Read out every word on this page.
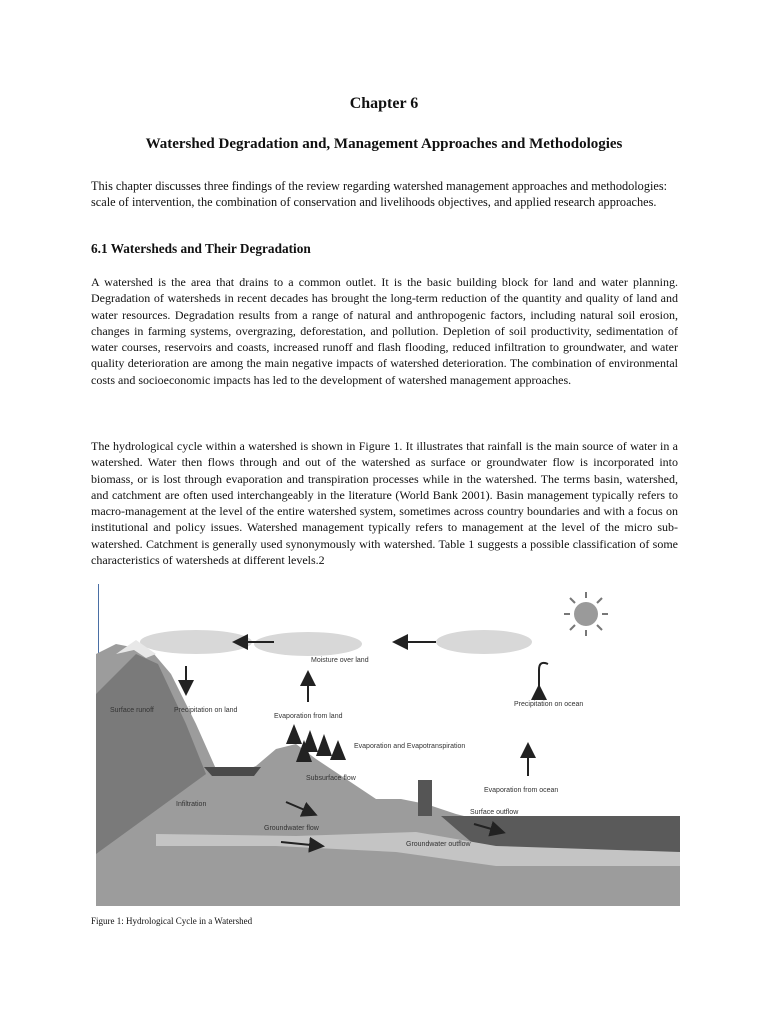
Chapter 6
Watershed Degradation and, Management Approaches and Methodologies

This chapter discusses three findings of the review regarding watershed management approaches and methodologies: scale of intervention, the combination of conservation and livelihoods objectives, and applied research approaches.

6.1 Watersheds and Their Degradation

A watershed is the area that drains to a common outlet. It is the basic building block for land and water planning. Degradation of watersheds in recent decades has brought the long-term reduction of the quantity and quality of land and water resources. Degradation results from a range of natural and anthropogenic factors, including natural soil erosion, changes in farming systems, overgrazing, deforestation, and pollution. Depletion of soil productivity, sedimentation of water courses, reservoirs and coasts, increased runoff and flash flooding, reduced infiltration to groundwater, and water quality deterioration are among the main negative impacts of watershed deterioration. The combination of environmental costs and socioeconomic impacts has led to the development of watershed management approaches.

The hydrological cycle within a watershed is shown in Figure 1. It illustrates that rainfall is the main source of water in a watershed. Water then flows through and out of the watershed as surface or groundwater flow is incorporated into biomass, or is lost through evaporation and transpiration processes while in the watershed. The terms basin, watershed, and catchment are often used interchangeably in the literature (World Bank 2001). Basin management typically refers to macro-management at the level of the entire watershed system, sometimes across country boundaries and with a focus on institutional and policy issues. Watershed management typically refers to management at the level of the micro sub-watershed. Catchment is generally used synonymously with watershed. Table 1 suggests a possible classification of some characteristics of watersheds at different levels.2

Moisture over land
Precipitation on land
Evaporation from land
Precipitation on ocean
Surface runoff
Evaporation and Evapotranspiration
Infiltration
Subsurface flow
Evaporation from ocean
Surface outflow
Groundwater flow
Groundwater outflow
Figure 1: Hydrological Cycle in a Watershed
